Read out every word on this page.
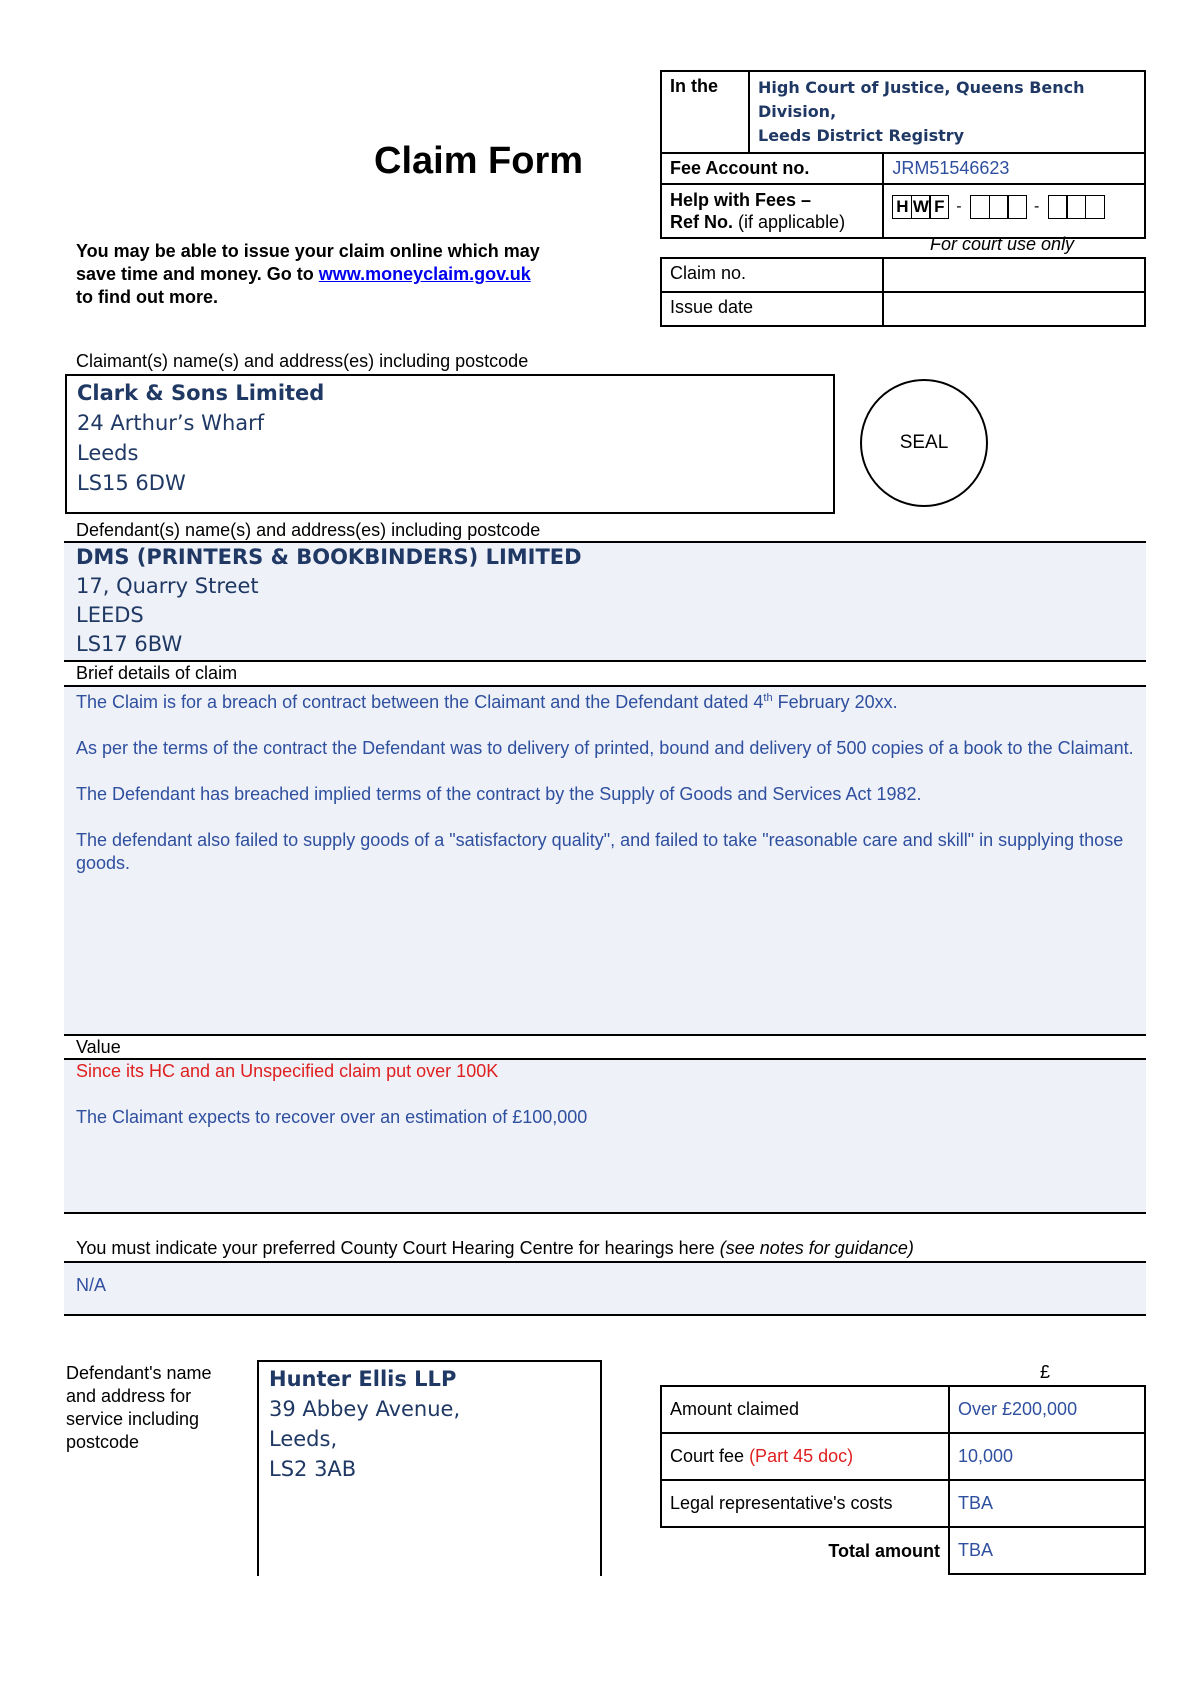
Claim Form
You may be able to issue your claim online which may
save time and money. Go to www.moneyclaim.gov.uk
to find out more.
In the	High Court of Justice, Queens Bench Division,
Leeds District Registry	

Fee Account no.		JRM51546623

Help with Fees –
Ref No. (if applicable)		H W F - -
For court use only
Claim no.	
Issue date	
Claimant(s) name(s) and address(es) including postcode
Clark & Sons Limited
24 Arthur’s Wharf
Leeds
LS15 6DW
SEAL
Defendant(s) name(s) and address(es) including postcode
DMS (PRINTERS & BOOKBINDERS) LIMITED
17, Quarry Street
LEEDS
LS17 6BW
Brief details of claim
The Claim is for a breach of contract between the Claimant and the Defendant dated 4th February 20xx.
As per the terms of the contract the Defendant was to delivery of printed, bound and delivery of 500 copies of a book to the Claimant.
The Defendant has breached implied terms of the contract by the Supply of Goods and Services Act 1982.
The defendant also failed to supply goods of a "satisfactory quality", and failed to take "reasonable care and skill" in supplying those goods.
Value
Since its HC and an Unspecified claim put over 100K
The Claimant expects to recover over an estimation of £100,000
You must indicate your preferred County Court Hearing Centre for hearings here (see notes for guidance)
N/A
Defendant's name
and address for
service including
postcode
Hunter Ellis LLP
39 Abbey Avenue,
Leeds,
LS2 3AB
£
Amount claimed	Over £200,000
Court fee (Part 45 doc)	10,000
Legal representative's costs	TBA
Total amount	TBA
